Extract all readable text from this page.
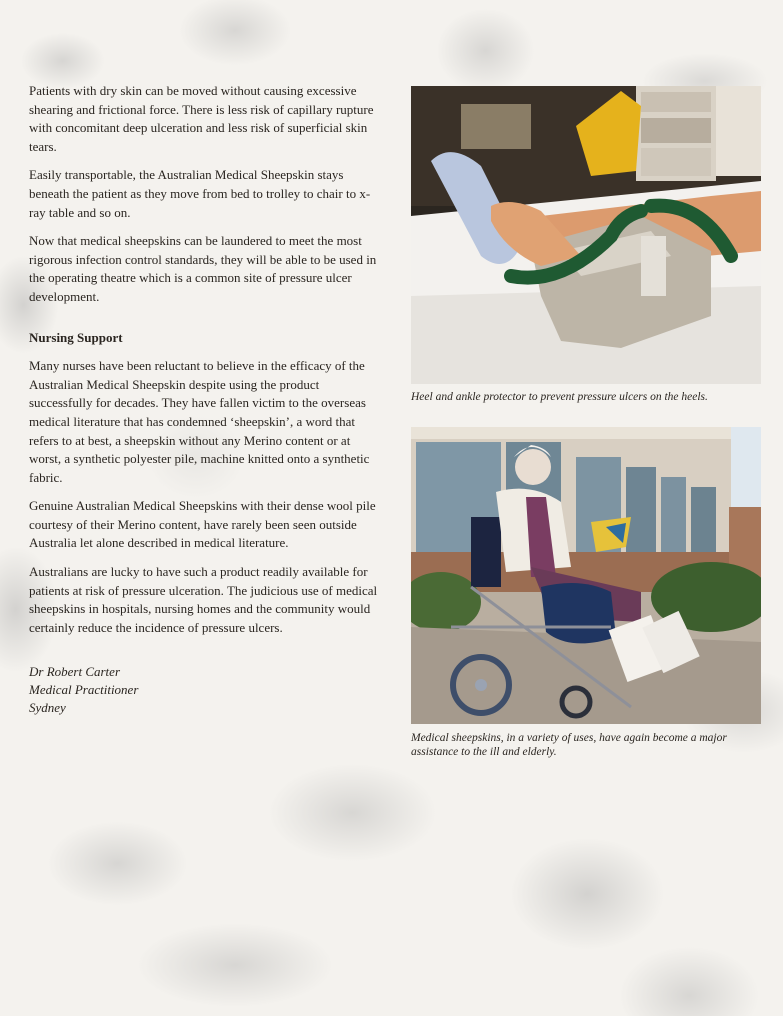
Patients with dry skin can be moved without causing excessive shearing and frictional force. There is less risk of capillary rupture with concomitant deep ulceration and less risk of superficial skin tears.

Easily transportable, the Australian Medical Sheepskin stays beneath the patient as they move from bed to trolley to chair to x-ray table and so on.

Now that medical sheepskins can be laundered to meet the most rigorous infection control standards, they will be able to be used in the operating theatre which is a common site of pressure ulcer development.

Nursing Support

Many nurses have been reluctant to believe in the efficacy of the Australian Medical Sheepskin despite using the product successfully for decades. They have fallen victim to the overseas medical literature that has condemned ‘sheepskin’, a word that refers to at best, a sheepskin without any Merino content or at worst, a synthetic polyester pile, machine knitted onto a synthetic fabric.

Genuine Australian Medical Sheepskins with their dense wool pile courtesy of their Merino content, have rarely been seen outside Australia let alone described in medical literature.

Australians are lucky to have such a product readily available for patients at risk of pressure ulceration. The judicious use of medical sheepskins in hospitals, nursing homes and the community would certainly reduce the incidence of pressure ulcers.

Dr Robert Carter
Medical Practitioner
Sydney
Heel and ankle protector to prevent pressure ulcers on the heels.
Medical sheepskins, in a variety of uses, have again become a major assistance to the ill and elderly.
